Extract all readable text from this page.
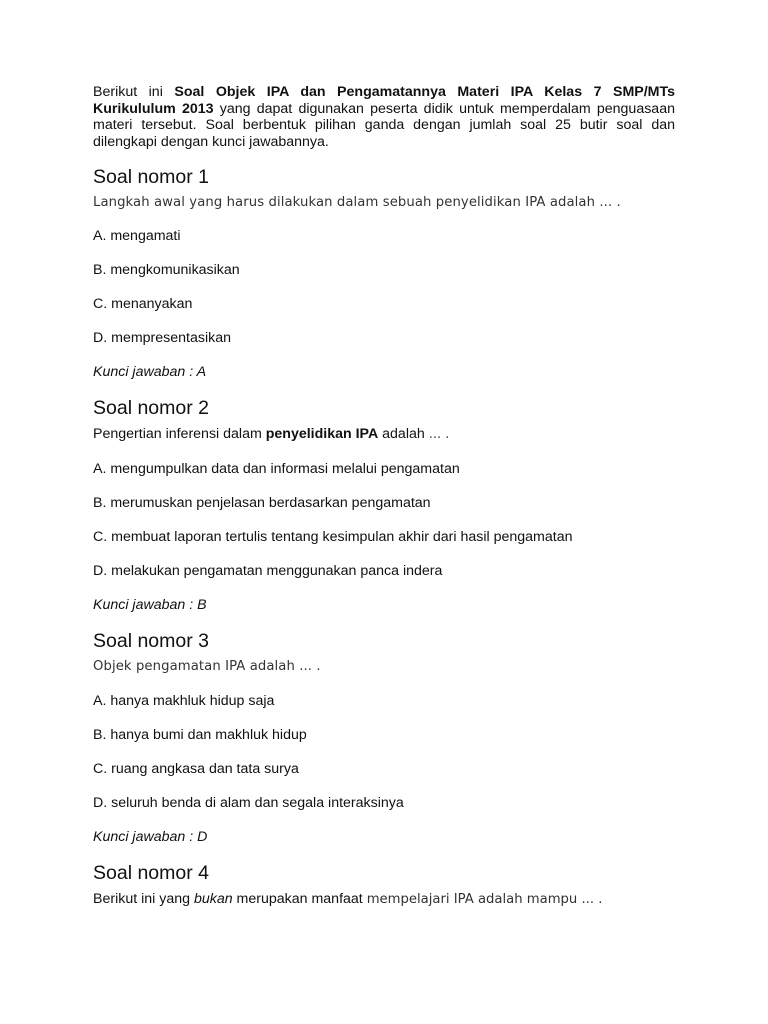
Berikut ini Soal Objek IPA dan Pengamatannya Materi IPA Kelas 7 SMP/MTs Kurikululum 2013 yang dapat digunakan peserta didik untuk memperdalam penguasaan materi tersebut. Soal berbentuk pilihan ganda dengan jumlah soal 25 butir soal dan dilengkapi dengan kunci jawabannya.

Soal nomor 1

Langkah awal yang harus dilakukan dalam sebuah penyelidikan IPA adalah ... .

A. mengamati

B. mengkomunikasikan

C. menanyakan

D. mempresentasikan

Kunci jawaban : A

Soal nomor 2

Pengertian inferensi dalam penyelidikan IPA adalah ... .

A. mengumpulkan data dan informasi melalui pengamatan

B. merumuskan penjelasan berdasarkan pengamatan

C. membuat laporan tertulis tentang kesimpulan akhir dari hasil pengamatan

D. melakukan pengamatan menggunakan panca indera

Kunci jawaban : B

Soal nomor 3

Objek pengamatan IPA adalah ... .

A. hanya makhluk hidup saja

B. hanya bumi dan makhluk hidup

C. ruang angkasa dan tata surya

D. seluruh benda di alam dan segala interaksinya

Kunci jawaban : D

Soal nomor 4

Berikut ini yang bukan merupakan manfaat mempelajari IPA adalah mampu ... .
